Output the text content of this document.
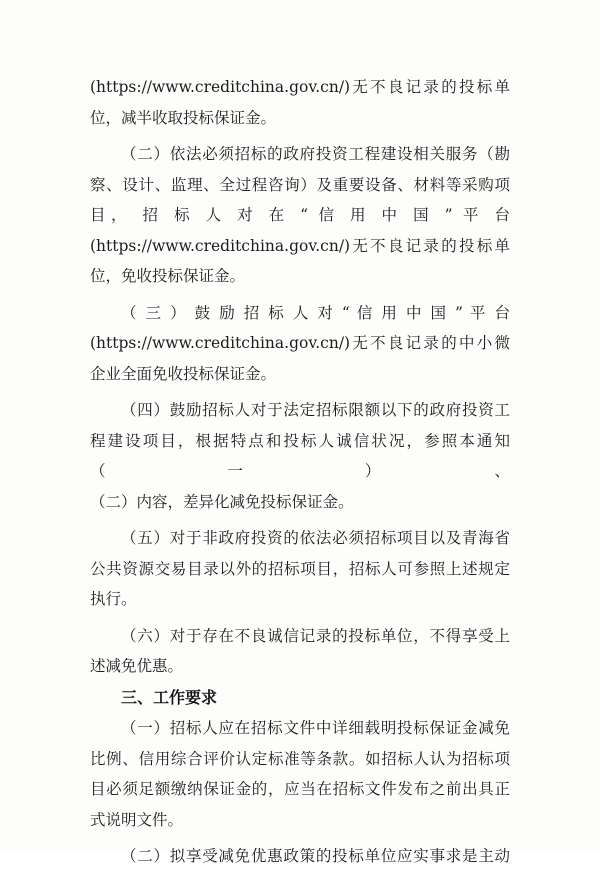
(https://www.creditchina.gov.cn/)无不良记录的投标单
位，减半收取投标保证金。
（二）依法必须招标的政府投资工程建设相关服务（勘
察、设计、监理、全过程咨询）及重要设备、材料等采购项
目， 招 标 人 对 在 “ 信 用 中 国 ” 平 台
(https://www.creditchina.gov.cn/)无不良记录的投标单
位，免收投标保证金。
（ 三 ） 鼓 励 招 标 人 对 “ 信 用 中 国 ” 平 台
(https://www.creditchina.gov.cn/)无不良记录的中小微
企业全面免收投标保证金。
（四）鼓励招标人对于法定招标限额以下的政府投资工
程建设项目，根据特点和投标人诚信状况，参照本通知（一）、
（二）内容，差异化减免投标保证金。
（五）对于非政府投资的依法必须招标项目以及青海省
公共资源交易目录以外的招标项目，招标人可参照上述规定
执行。
（六）对于存在不良诚信记录的投标单位，不得享受上
述减免优惠。
三、工作要求
（一）招标人应在招标文件中详细载明投标保证金减免
比例、信用综合评价认定标准等条款。如招标人认为招标项
目必须足额缴纳保证金的，应当在招标文件发布之前出具正
式说明文件。
（二）拟享受减免优惠政策的投标单位应实事求是主动
